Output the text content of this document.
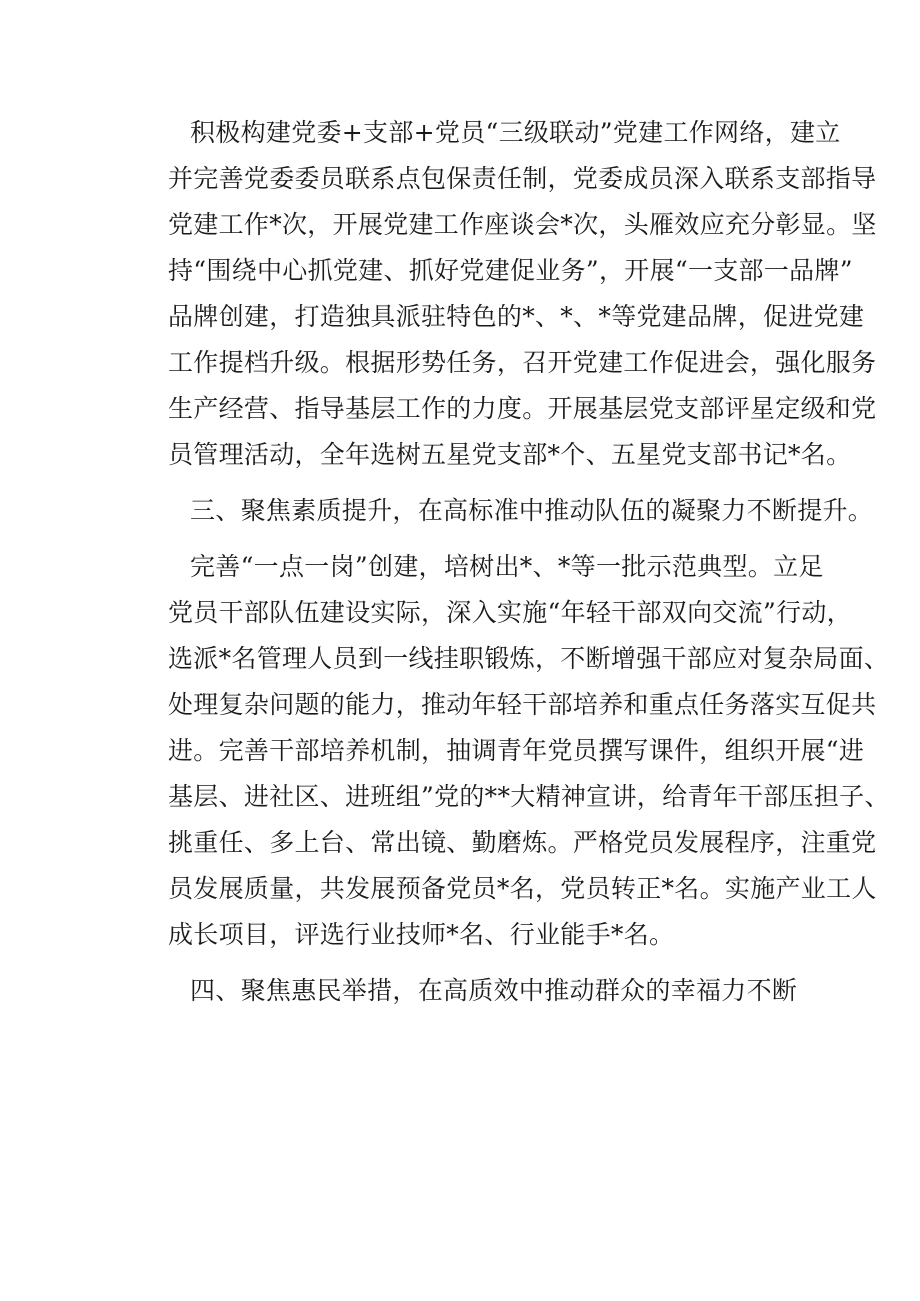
积极构建党委+支部+党员“三级联动”党建工作网络，建立
并完善党委委员联系点包保责任制，党委成员深入联系支部指导
党建工作*次，开展党建工作座谈会*次，头雁效应充分彰显。坚
持“围绕中心抓党建、抓好党建促业务”，开展“一支部一品牌”
品牌创建，打造独具派驻特色的*、*、*等党建品牌，促进党建
工作提档升级。根据形势任务，召开党建工作促进会，强化服务
生产经营、指导基层工作的力度。开展基层党支部评星定级和党
员管理活动，全年选树五星党支部*个、五星党支部书记*名。
三、聚焦素质提升，在高标准中推动队伍的凝聚力不断提升。
完善“一点一岗”创建，培树出*、*等一批示范典型。立足
党员干部队伍建设实际，深入实施“年轻干部双向交流”行动，
选派*名管理人员到一线挂职锻炼，不断增强干部应对复杂局面、
处理复杂问题的能力，推动年轻干部培养和重点任务落实互促共
进。完善干部培养机制，抽调青年党员撰写课件，组织开展“进
基层、进社区、进班组”党的**大精神宣讲，给青年干部压担子、
挑重任、多上台、常出镜、勤磨炼。严格党员发展程序，注重党
员发展质量，共发展预备党员*名，党员转正*名。实施产业工人
成长项目，评选行业技师*名、行业能手*名。
四、聚焦惠民举措，在高质效中推动群众的幸福力不断
